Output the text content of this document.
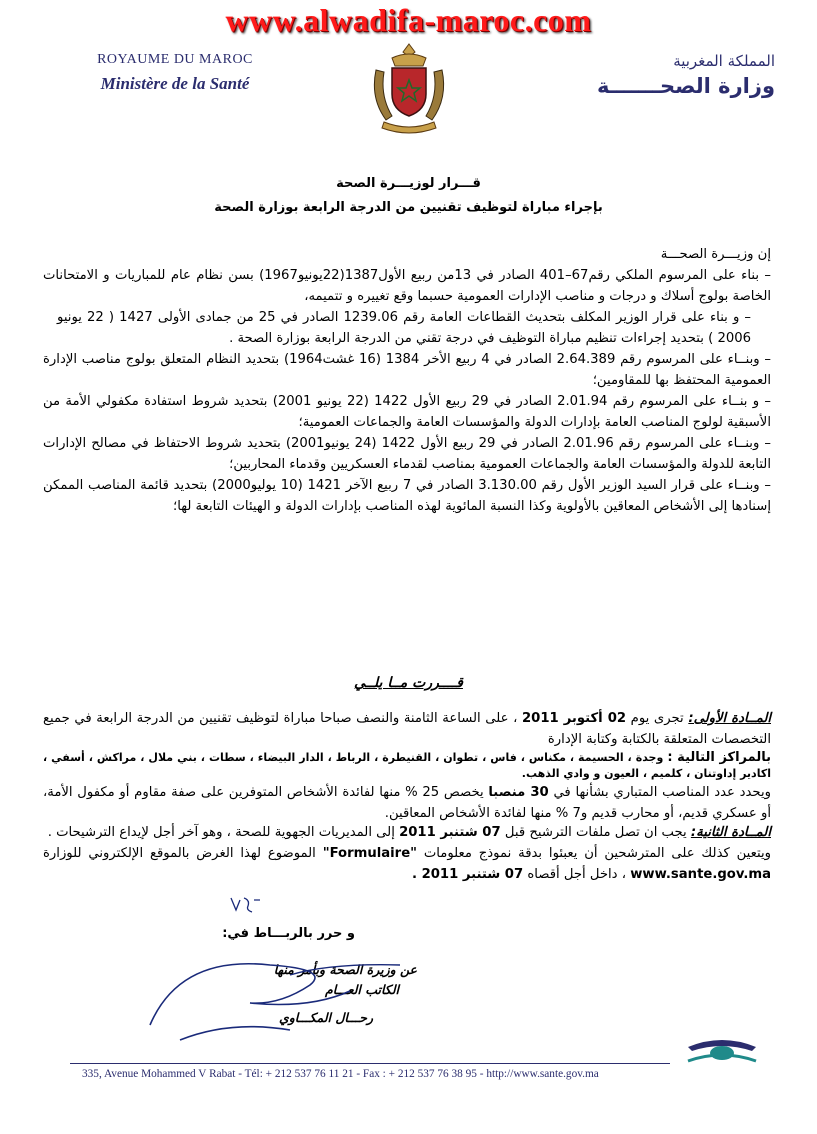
www.alwadifa-maroc.com
ROYAUME DU MAROC
Ministère de la Santé
المملكة المغربية
وزارة الصحـــــــة
قـــرار لوزيـــرة الصحة
بإجراء مباراة لتوظيف تقنيين من الدرجة الرابعة بوزارة الصحة

إن وزيـــرة الصحـــة

– بناء على المرسوم الملكي رقم67–401 الصادر في 13من ربيع الأول1387(22يونيو1967) بسن نظام عام للمباريات و الامتحانات الخاصة بولوج أسلاك و درجات و مناصب الإدارات العمومية حسبما وقع تغييره و تتميمه،

– و بناء على قرار الوزير المكلف بتحديث القطاعات العامة رقم 1239.06 الصادر في 25 من جمادى الأولى 1427 ( 22 يونيو 2006 ) بتحديد إجراءات تنظيم مباراة التوظيف في درجة تقني من الدرجة الرابعة بوزارة الصحة .

– وبنــاء على المرسوم رقم 2.64.389 الصادر في 4 ربيع الأخر 1384 (16 غشت1964) بتحديد النظام المتعلق بولوج مناصب الإدارة العمومية المحتفظ بها للمقاومين؛

– و بنــاء على المرسوم رقم 2.01.94 الصادر في 29 ربيع الأول 1422 (22 يونيو 2001) بتحديد شروط استفادة مكفولي الأمة من الأسبقية لولوج المناصب العامة بإدارات الدولة والمؤسسات العامة والجماعات العمومية؛

– وبنــاء على المرسوم رقم 2.01.96 الصادر في 29 ربيع الأول 1422 (24 يونيو2001) بتحديد شروط الاحتفاظ في مصالح الإدارات التابعة للدولة والمؤسسات العامة والجماعات العمومية بمناصب لقدماء العسكريين وقدماء المحاربين؛

– وبنــاء على قرار السيد الوزير الأول رقم 3.130.00 الصادر في 7 ربيع الآخر 1421 (10 يوليو2000) بتحديد قائمة المناصب الممكن إسنادها إلى الأشخاص المعاقين بالأولوية وكذا النسبة المائوية لهذه المناصب بإدارات الدولة و الهيئات التابعة لها؛

قــــررت مــا يلــي

المــادة الأولى: تجرى يوم 02 أكتوبر 2011 ، على الساعة الثامنة والنصف صباحا مباراة لتوظيف تقنيين من الدرجة الرابعة في جميع التخصصات المتعلقة بالكتابة وكتابة الإدارة

بالمراكز التالية : وجدة ، الحسيمة ، مكناس ، فاس ، تطوان ، القنيطرة ، الرباط ، الدار البيضاء ، سطات ، بني ملال ، مراكش ، أسفي ، اكادير إداوتنان ، كلميم ، العيون و وادي الذهب.

ويحدد عدد المناصب المتباري بشأنها في 30 منصبا يخصص 25 % منها لفائدة الأشخاص المتوفرين على صفة مقاوم أو مكفول الأمة، أو عسكري قديم، أو محارب قديم و7 % منها لفائدة الأشخاص المعاقين.

المــادة الثانية: يجب ان تصل ملفات الترشيح قبل 07 شتنبر 2011 إلى المديريات الجهوية للصحة ، وهو آخر أجل لإيداع الترشيحات .

ويتعين كذلك على المترشحين أن يعبئوا بدقة نموذج معلومات "Formulaire" الموضوع لهذا الغرض بالموقع الإلكتروني للوزارة www.sante.gov.ma ، داخل أجل أقصاه 07 شتنبر 2011 .

و حرر بالربـــاط في:
عن وزيرة الصحة وبأمر منها
الكاتب العـــام
رحـــال المكـــاوي
335, Avenue Mohammed V Rabat - Tél: + 212 537 76 11 21 - Fax : + 212 537 76 38 95 - http://www.sante.gov.ma
